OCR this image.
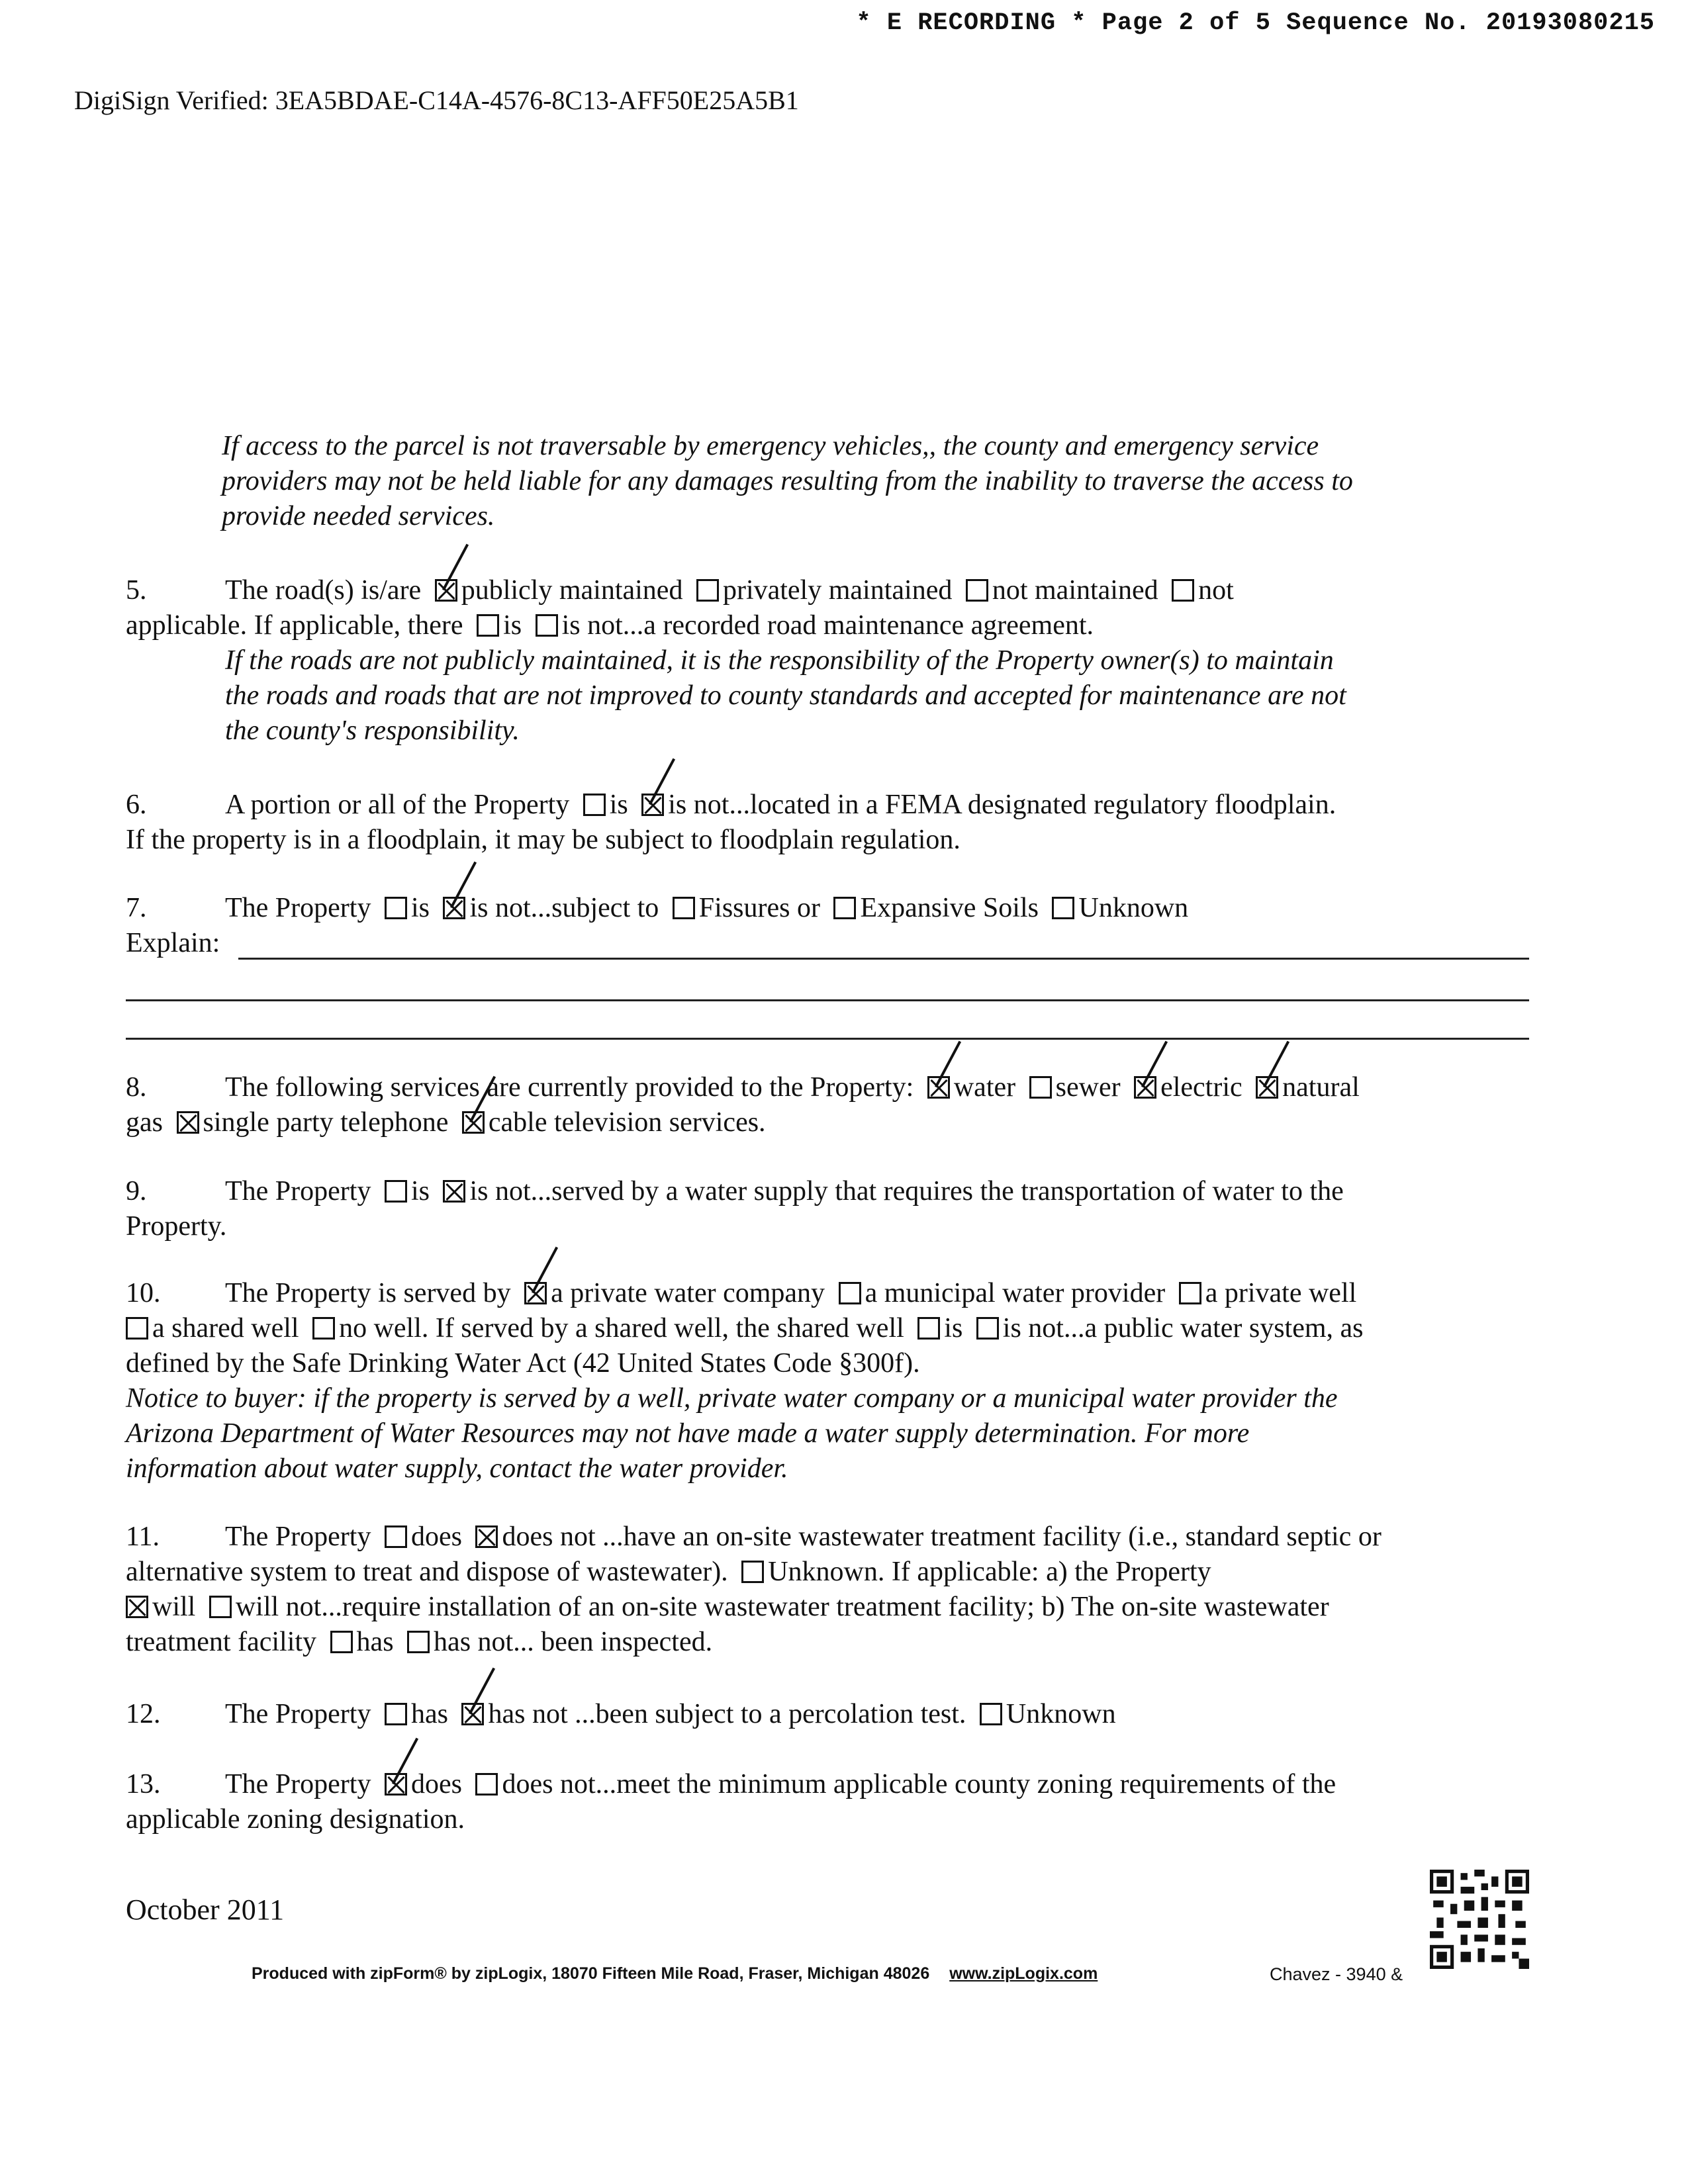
* E RECORDING * Page 2 of 5 Sequence No. 20193080215
DigiSign Verified: 3EA5BDAE-C14A-4576-8C13-AFF50E25A5B1
If access to the parcel is not traversable by emergency vehicles,, the county and emergency service
providers may not be held liable for any damages resulting from the inability to traverse the access to
provide needed services.
5.	The road(s) is/are publicly maintained privately maintained not maintained not
applicable. If applicable, there is is not...a recorded road maintenance agreement.
If the roads are not publicly maintained, it is the responsibility of the Property owner(s) to maintain
the roads and roads that are not improved to county standards and accepted for maintenance are not
the county's responsibility.
6.	A portion or all of the Property is is not...located in a FEMA designated regulatory floodplain.
If the property is in a floodplain, it may be subject to floodplain regulation.
7.	The Property is is not...subject to Fissures or Expansive Soils Unknown
Explain:
8.	The following services are currently provided to the Property: water sewer electric natural
gas single party telephone cable television services.
9.	The Property is is not...served by a water supply that requires the transportation of water to the
Property.
10. The Property is served by a private water company a municipal water provider a private well
a shared well no well. If served by a shared well, the shared well is is not...a public water system, as
defined by the Safe Drinking Water Act (42 United States Code §300f).
Notice to buyer: if the property is served by a well, private water company or a municipal water provider the
Arizona Department of Water Resources may not have made a water supply determination. For more
information about water supply, contact the water provider.
11. The Property does does not ...have an on-site wastewater treatment facility (i.e., standard septic or
alternative system to treat and dispose of wastewater). Unknown. If applicable: a) the Property
will will not...require installation of an on-site wastewater treatment facility; b) The on-site wastewater
treatment facility has has not... been inspected.
12. The Property has has not ...been subject to a percolation test. Unknown
13. The Property does does not...meet the minimum applicable county zoning requirements of the
applicable zoning designation.
October 2011
Produced with zipForm® by zipLogix, 18070 Fifteen Mile Road, Fraser, Michigan 48026 www.zipLogix.com	Chavez - 3940 &
